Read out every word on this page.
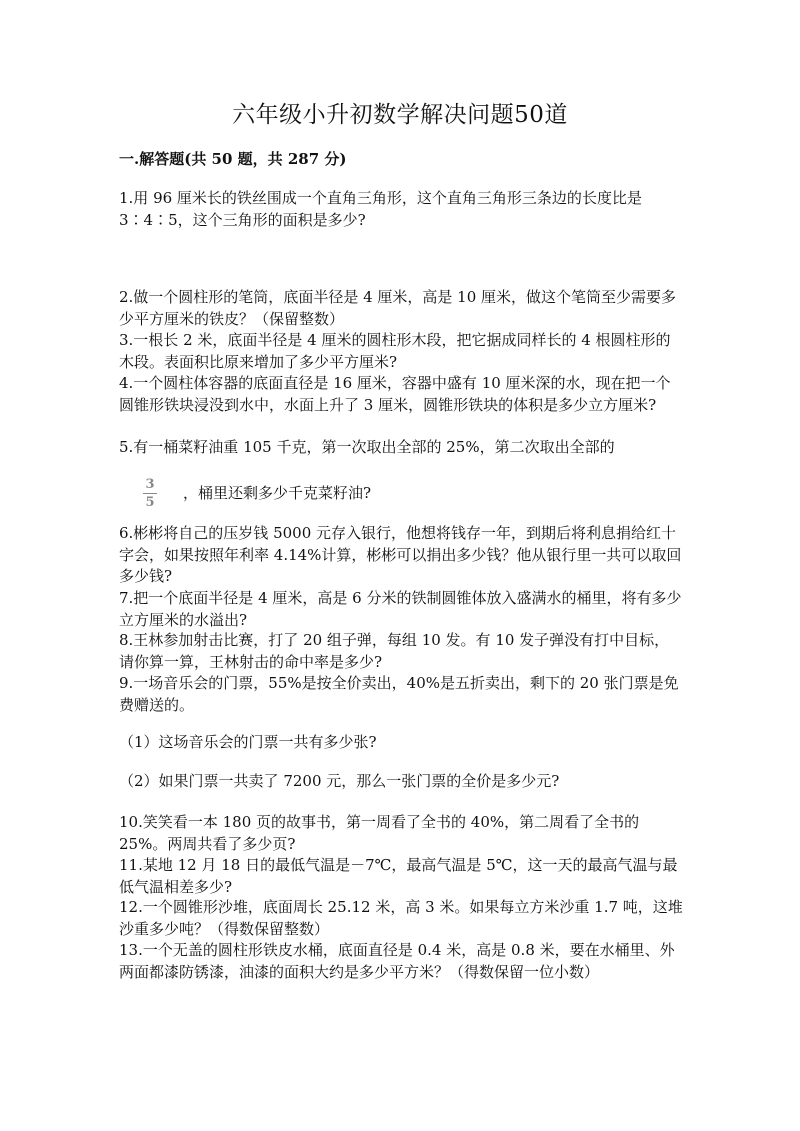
六年级小升初数学解决问题50道
一.解答题(共 50 题，共 287 分)
1.用 96 厘米长的铁丝围成一个直角三角形，这个直角三角形三条边的长度比是 3∶4∶5，这个三角形的面积是多少?
2.做一个圆柱形的笔筒，底面半径是 4 厘米，高是 10 厘米，做这个笔筒至少需要多少平方厘米的铁皮？（保留整数）
3.一根长 2 米，底面半径是 4 厘米的圆柱形木段，把它据成同样长的 4 根圆柱形的木段。表面积比原来增加了多少平方厘米?
4.一个圆柱体容器的底面直径是 16 厘米，容器中盛有 10 厘米深的水，现在把一个圆锥形铁块浸没到水中，水面上升了 3 厘米，圆锥形铁块的体积是多少立方厘米?
5.有一桶菜籽油重 105 千克，第一次取出全部的 25%，第二次取出全部的
3
5
，桶里还剩多少千克菜籽油?
6.彬彬将自己的压岁钱 5000 元存入银行，他想将钱存一年，到期后将利息捐给红十字会，如果按照年利率 4.14%计算，彬彬可以捐出多少钱？他从银行里一共可以取回多少钱?
7.把一个底面半径是 4 厘米，高是 6 分米的铁制圆锥体放入盛满水的桶里，将有多少立方厘米的水溢出?
8.王林参加射击比赛，打了 20 组子弹，每组 10 发。有 10 发子弹没有打中目标，请你算一算，王林射击的命中率是多少?
9.一场音乐会的门票，55%是按全价卖出，40%是五折卖出，剩下的 20 张门票是免费赠送的。
（1）这场音乐会的门票一共有多少张?
（2）如果门票一共卖了 7200 元，那么一张门票的全价是多少元?
10.笑笑看一本 180 页的故事书，第一周看了全书的 40%，第二周看了全书的 25%。两周共看了多少页?
11.某地 12 月 18 日的最低气温是－7℃，最高气温是 5℃，这一天的最高气温与最低气温相差多少?
12.一个圆锥形沙堆，底面周长 25.12 米，高 3 米。如果每立方米沙重 1.7 吨，这堆沙重多少吨？（得数保留整数）
13.一个无盖的圆柱形铁皮水桶，底面直径是 0.4 米，高是 0.8 米，要在水桶里、外两面都漆防锈漆，油漆的面积大约是多少平方米？（得数保留一位小数）
